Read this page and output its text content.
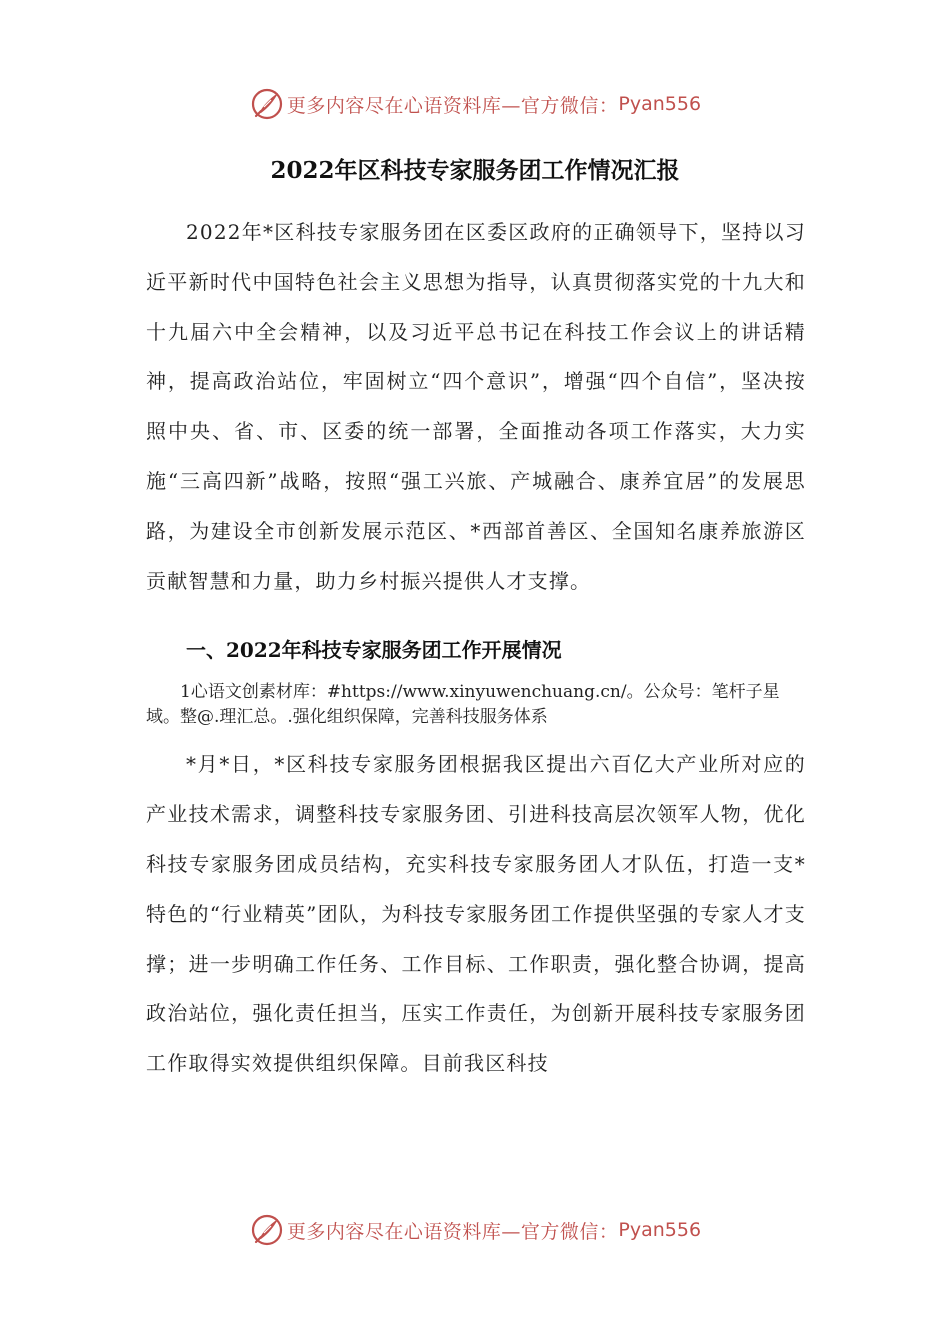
更多内容尽在心语资料库—官方微信： Pyan556
2022年区科技专家服务团工作情况汇报

2022年*区科技专家服务团在区委区政府的正确领导下，坚持以习近平新时代中国特色社会主义思想为指导，认真贯彻落实党的十九大和十九届六中全会精神，以及习近平总书记在科技工作会议上的讲话精神，提高政治站位，牢固树立“四个意识”，增强“四个自信”，坚决按照中央、省、市、区委的统一部署，全面推动各项工作落实，大力实施“三高四新”战略，按照“强工兴旅、产城融合、康养宜居”的发展思路，为建设全市创新发展示范区、*西部首善区、全国知名康养旅游区贡献智慧和力量，助力乡村振兴提供人才支撑。

一、2022年科技专家服务团工作开展情况

1心语文创素材库：#https://www.xinyuwenchuang.cn/。公众号：笔杆子星域。整@.理汇总。.强化组织保障，完善科技服务体系

*月*日，*区科技专家服务团根据我区提出六百亿大产业所对应的产业技术需求，调整科技专家服务团、引进科技高层次领军人物，优化科技专家服务团成员结构，充实科技专家服务团人才队伍，打造一支*特色的“行业精英”团队，为科技专家服务团工作提供坚强的专家人才支撑；进一步明确工作任务、工作目标、工作职责，强化整合协调，提高政治站位，强化责任担当，压实工作责任，为创新开展科技专家服务团工作取得实效提供组织保障。目前我区科技

更多内容尽在心语资料库—官方微信： Pyan556
